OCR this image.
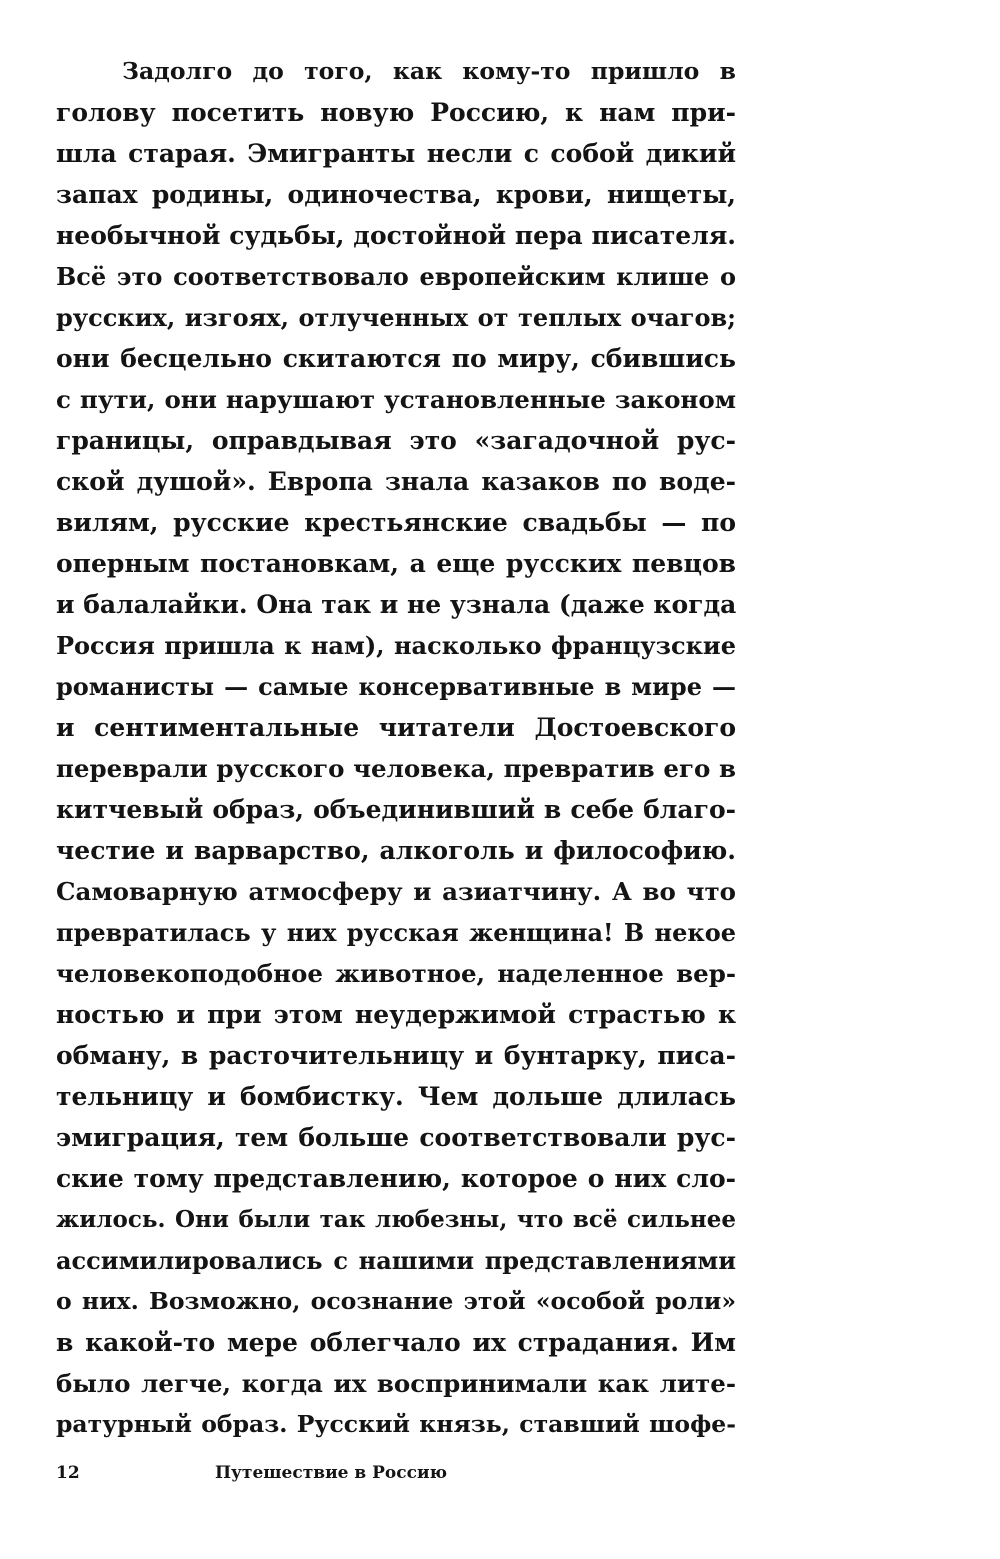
Задолго до того, как кому-то пришло в
голову посетить новую Россию, к нам при-
шла старая. Эмигранты несли с собой дикий
запах родины, одиночества, крови, нищеты,
необычной судьбы, достойной пера писателя.
Всё это соответствовало европейским клише о
русских, изгоях, отлученных от теплых очагов;
они бесцельно скитаются по миру, сбившись
с пути, они нарушают установленные законом
границы, оправдывая это «загадочной рус-
ской душой». Европа знала казаков по воде-
вилям, русские крестьянские свадьбы — по
оперным постановкам, а еще русских певцов
и балалайки. Она так и не узнала (даже когда
Россия пришла к нам), насколько французские
романисты — самые консервативные в мире —
и сентиментальные читатели Достоевского
переврали русского человека, превратив его в
китчевый образ, объединивший в себе благо-
честие и варварство, алкоголь и философию.
Самоварную атмосферу и азиатчину. А во что
превратилась у них русская женщина! В некое
человекоподобное животное, наделенное вер-
ностью и при этом неудержимой страстью к
обману, в расточительницу и бунтарку, писа-
тельницу и бомбистку. Чем дольше длилась
эмиграция, тем больше соответствовали рус-
ские тому представлению, которое о них сло-
жилось. Они были так любезны, что всё сильнее
ассимилировались с нашими представлениями
о них. Возможно, осознание этой «особой роли»
в какой-то мере облегчало их страдания. Им
было легче, когда их воспринимали как лите-
ратурный образ. Русский князь, ставший шофе-
12	Путешествие в Россию
